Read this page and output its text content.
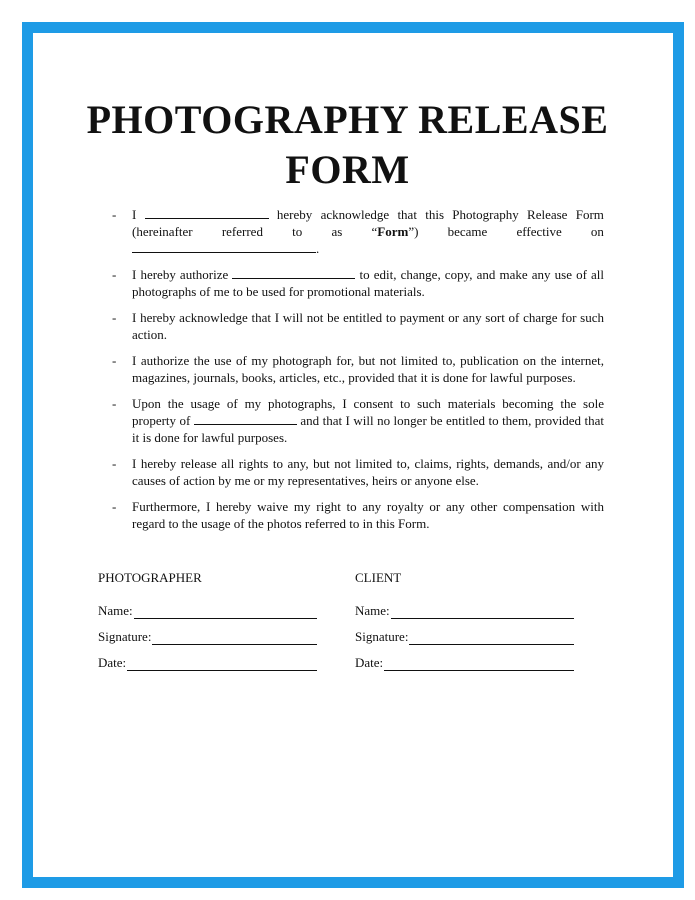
PHOTOGRAPHY RELEASE
FORM
- I	hereby acknowledge that this Photography Release Form
(hereinafter referred to as “Form”) became effective on
.
- I hereby authorize	to edit, change, copy, and make any use of all photographs of me to be used for promotional materials.
- I hereby acknowledge that I will not be entitled to payment or any sort of charge for such action.
- I authorize the use of my photograph for, but not limited to, publication on the internet, magazines, journals, books, articles, etc., provided that it is done for lawful purposes.
- Upon the usage of my photographs, I consent to such materials becoming the sole property of	and that I will no longer be entitled to them, provided that it is done for lawful purposes.
- I hereby release all rights to any, but not limited to, claims, rights, demands, and/or any causes of action by me or my representatives, heirs or anyone else.
- Furthermore, I hereby waive my right to any royalty or any other compensation with regard to the usage of the photos referred to in this Form.
PHOTOGRAPHER
Name:
Signature:
Date:
CLIENT
Name:
Signature:
Date:
